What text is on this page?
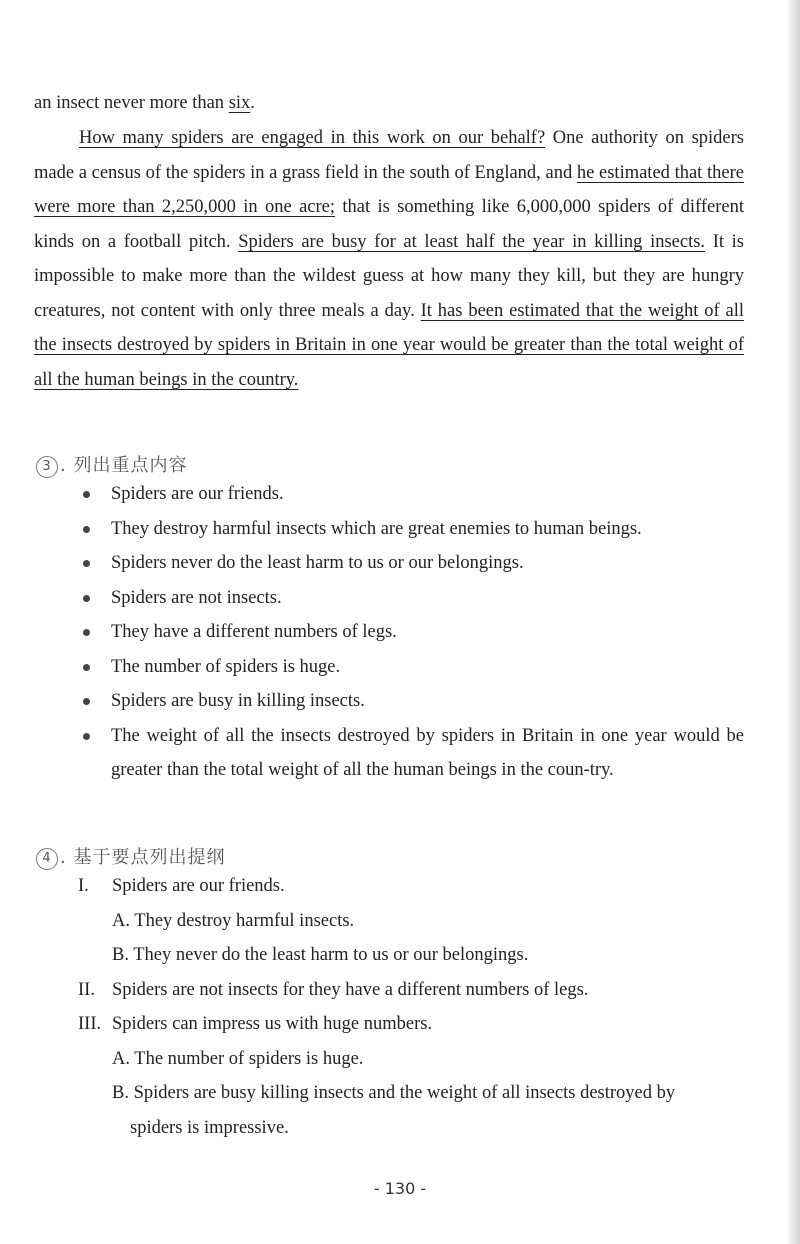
an insect never more than six.

How many spiders are engaged in this work on our behalf? One authority on spiders made a census of the spiders in a grass field in the south of England, and he estimated that there were more than 2,250,000 in one acre; that is something like 6,000,000 spiders of different kinds on a football pitch. Spiders are busy for at least half the year in killing insects. It is impossible to make more than the wildest guess at how many they kill, but they are hungry creatures, not content with only three meals a day. It has been estimated that the weight of all the insects destroyed by spiders in Britain in one year would be greater than the total weight of all the human beings in the country.

3 . 列出重点内容
Spiders are our friends.
They destroy harmful insects which are great enemies to human beings.
Spiders never do the least harm to us or our belongings.
Spiders are not insects.
They have a different numbers of legs.
The number of spiders is huge.
Spiders are busy in killing insects.
The weight of all the insects destroyed by spiders in Britain in one year would be greater than the total weight of all the human beings in the coun-try.
4 . 基于要点列出提纲
I.	Spiders are our friends.
A. They destroy harmful insects.
B. They never do the least harm to us or our belongings.
II. Spiders are not insects for they have a different numbers of legs.
III. Spiders can impress us with huge numbers.
A. The number of spiders is huge.
B. Spiders are busy killing insects and the weight of all insects destroyed by
spiders is impressive.
- 130 -
